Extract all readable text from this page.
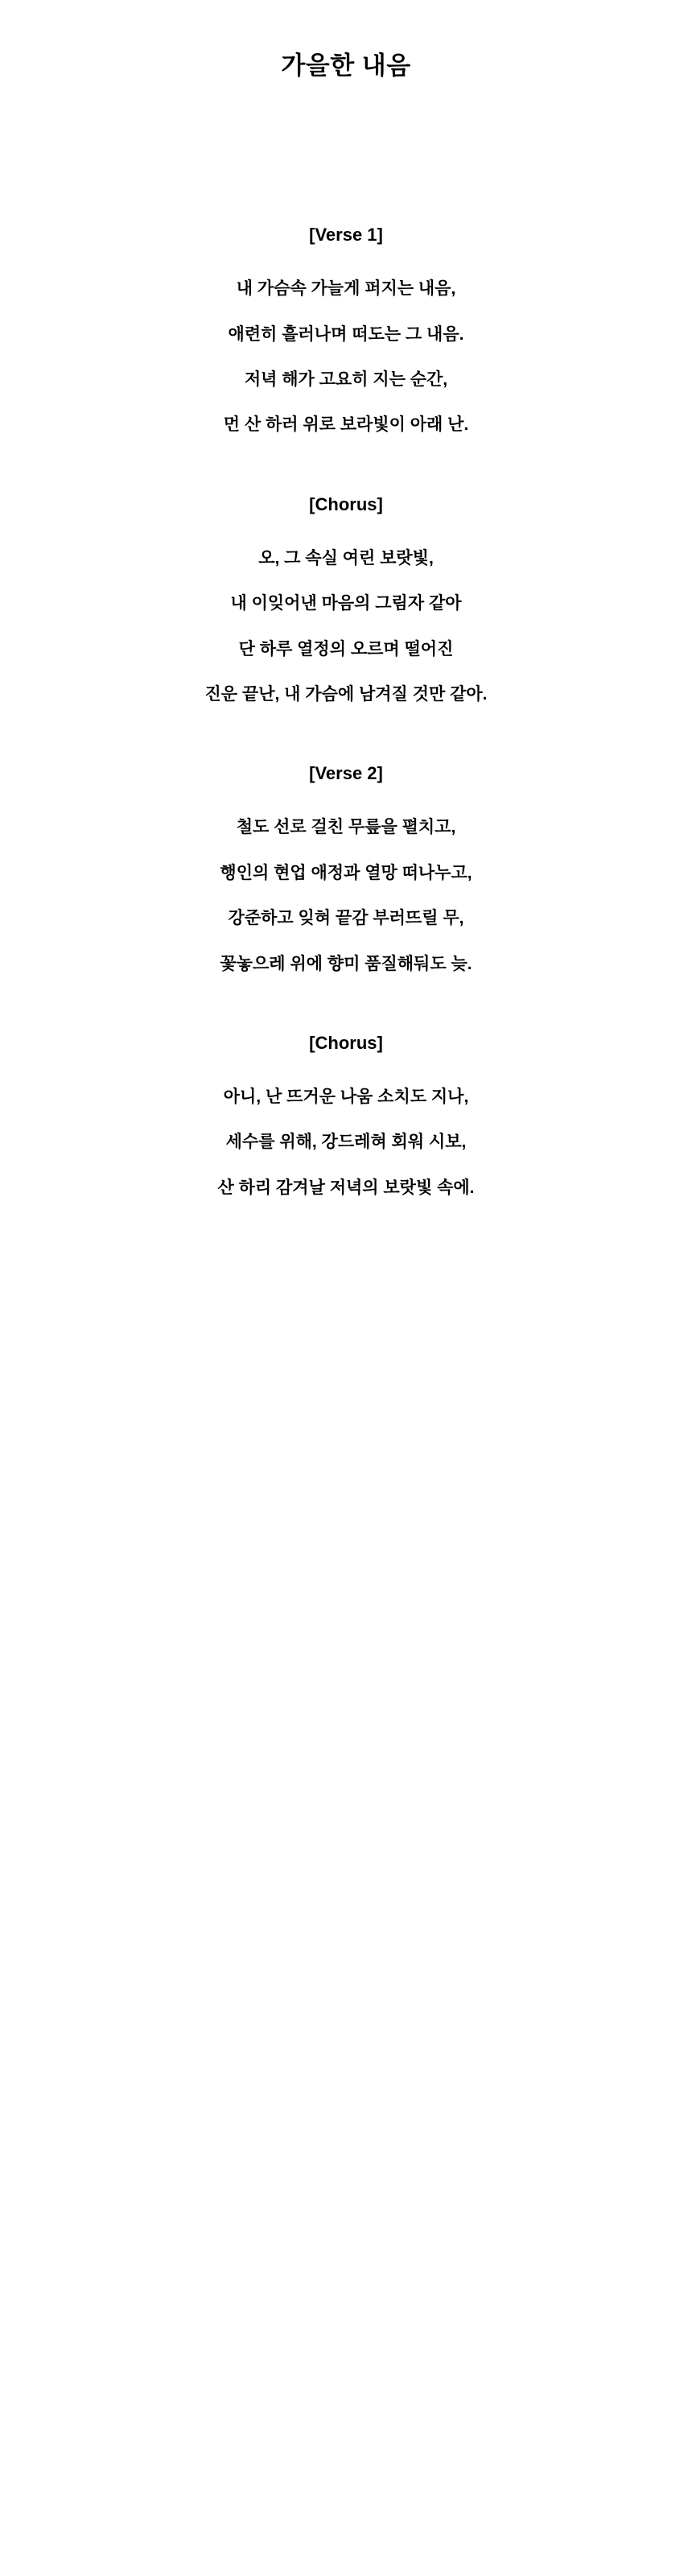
가을한 내음
[Verse 1]
내 가슴속 가늘게 퍼지는 내음,
애련히 흘러나며 떠도는 그 내음.
저녁 해가 고요히 지는 순간,
먼 산 하러 위로 보라빛이 아래 난.
[Chorus]
오, 그 속실 여린 보랏빛,
내 이잊어낸 마음의 그림자 같아
단 하루 열정의 오르며 떨어진
진운 끝난, 내 가슴에 남겨질 것만 같아.
[Verse 2]
철도 선로 걸친 무릎을 펼치고,
행인의 현업 애정과 열망 떠나누고,
강준하고 잊혀 끝감 부러뜨릴 무,
꽃놓으레 위에 향미 품질해둬도 늦.
[Chorus]
아니, 난 뜨거운 나움 소치도 지나,
세수를 위해, 강드레혀 회워 시보,
산 하리 감겨날 저녁의 보랏빛 속에.
